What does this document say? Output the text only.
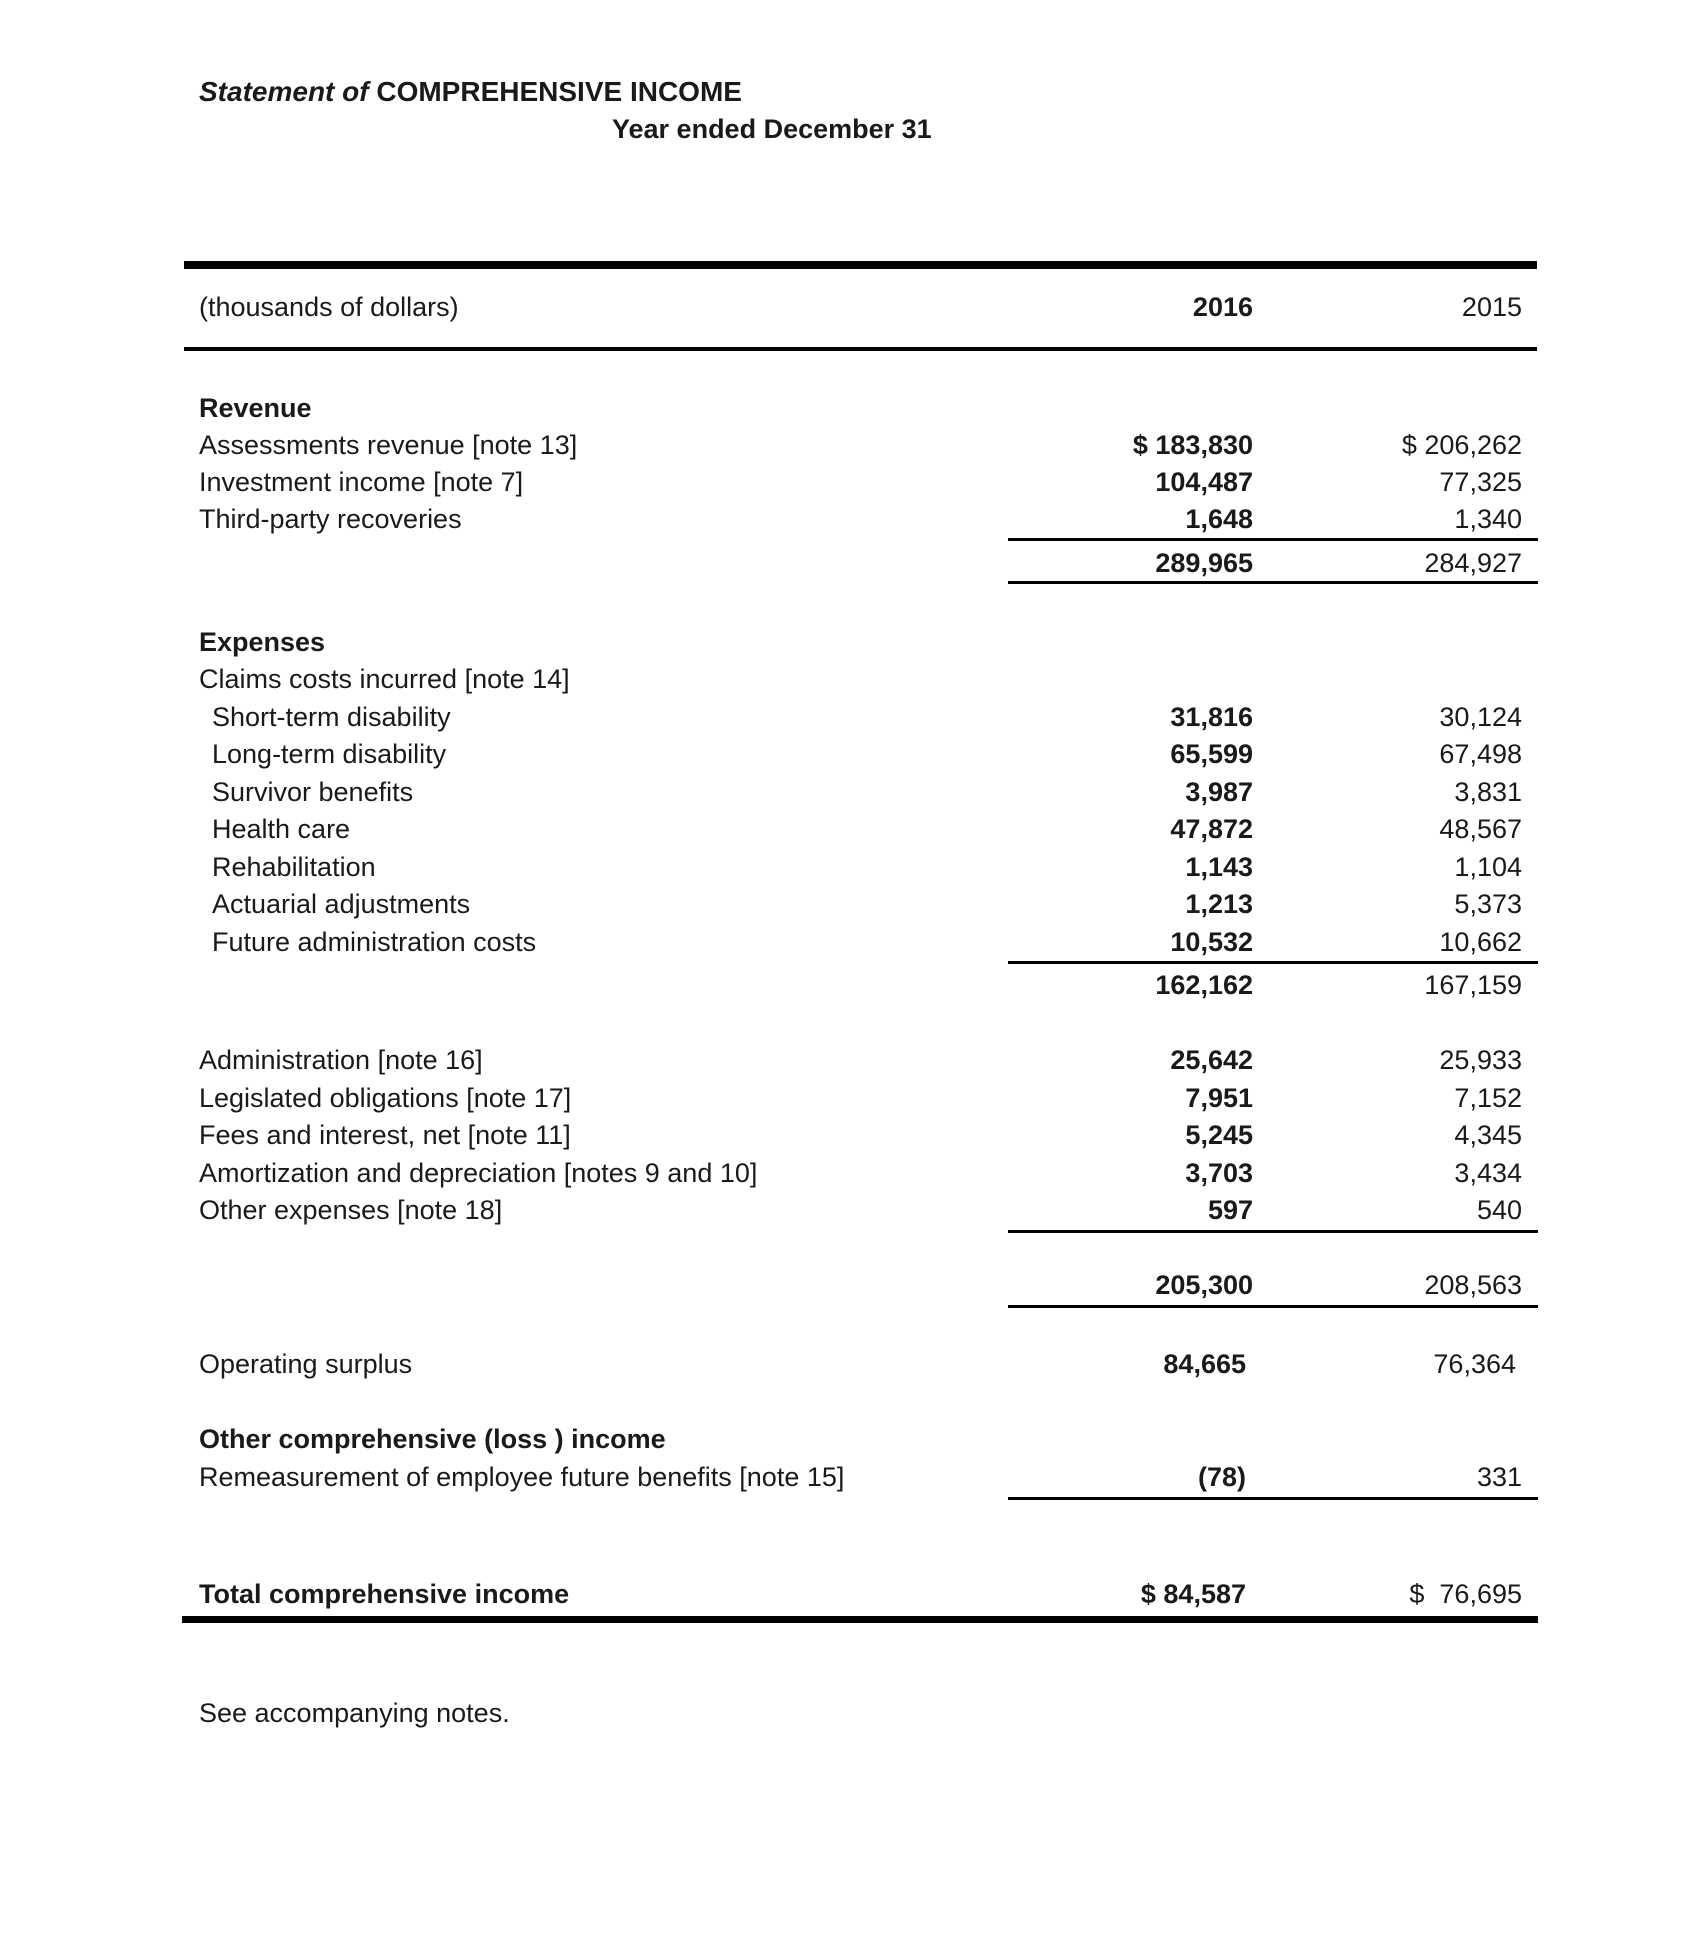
Statement of COMPREHENSIVE INCOME
Year ended December 31
(thousands of dollars)	2016	2015
Revenue
Assessments revenue [note 13]	$ 183,830	$ 206,262
Investment income [note 7]	104,487	77,325
Third-party recoveries	1,648	1,340
289,965	284,927
Expenses
Claims costs incurred [note 14]
Short-term disability	31,816	30,124
Long-term disability	65,599	67,498
Survivor benefits	3,987	3,831
Health care	47,872	48,567
Rehabilitation	1,143	1,104
Actuarial adjustments	1,213	5,373
Future administration costs	10,532	10,662
162,162	167,159
Administration [note 16]	25,642	25,933
Legislated obligations [note 17]	7,951	7,152
Fees and interest, net [note 11]	5,245	4,345
Amortization and depreciation [notes 9 and 10]	3,703	3,434
Other expenses [note 18]	597	540
205,300	208,563
Operating surplus	84,665	76,364
Other comprehensive (loss ) income
Remeasurement of employee future benefits [note 15]	(78)	331
Total comprehensive income	$ 84,587	$  76,695
See accompanying notes.
